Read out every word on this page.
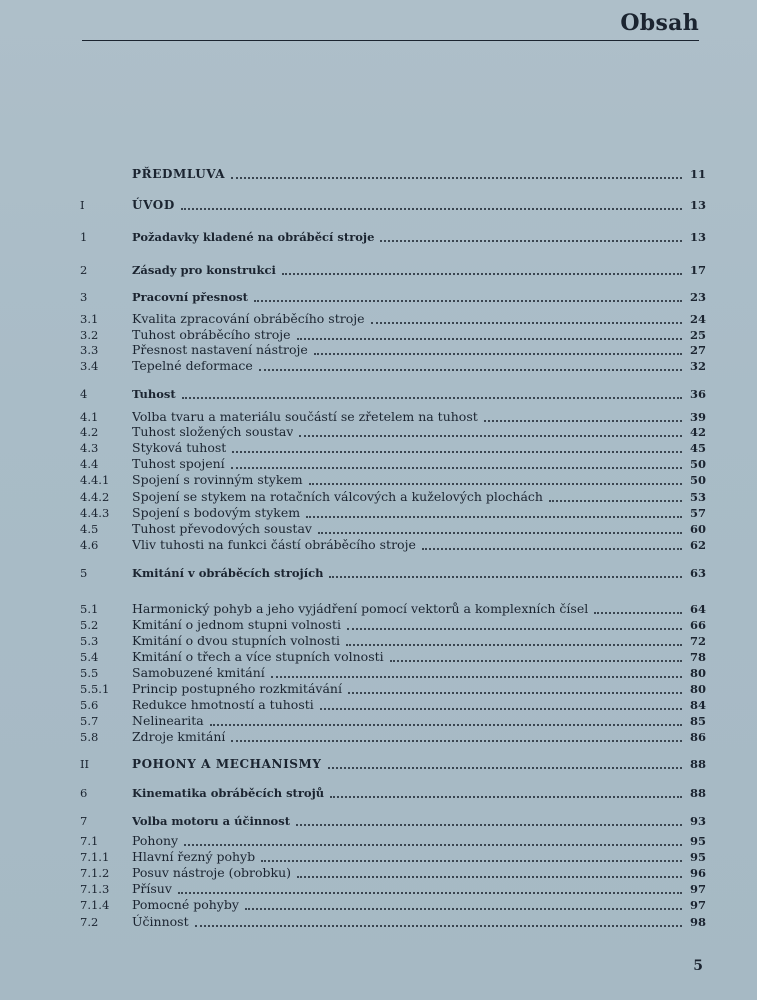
Obsah
PŘEDMLUVA	11
I	ÚVOD	13
1	Požadavky kladené na obráběcí stroje	13
2	Zásady pro konstrukci	17
3	Pracovní přesnost	23
3.1	Kvalita zpracování obráběcího stroje	24
3.2	Tuhost obráběcího stroje	25
3.3	Přesnost nastavení nástroje	27
3.4	Tepelné deformace	32
4	Tuhost	36
4.1	Volba tvaru a materiálu součástí se zřetelem na tuhost	39
4.2	Tuhost složených soustav	42
4.3	Styková tuhost	45
4.4	Tuhost spojení	50
4.4.1	Spojení s rovinným stykem	50
4.4.2	Spojení se stykem na rotačních válcových a kuželových plochách	53
4.4.3	Spojení s bodovým stykem	57
4.5	Tuhost převodových soustav	60
4.6	Vliv tuhosti na funkci částí obráběcího stroje	62
5	Kmitání v obráběcích strojích	63
5.1	Harmonický pohyb a jeho vyjádření pomocí vektorů a komplexních čísel	64
5.2	Kmitání o jednom stupni volnosti	66
5.3	Kmitání o dvou stupních volnosti	72
5.4	Kmitání o třech a více stupních volnosti	78
5.5	Samobuzené kmitání	80
5.5.1	Princip postupného rozkmitávání	80
5.6	Redukce hmotností a tuhosti	84
5.7	Nelinearita	85
5.8	Zdroje kmitání	86
II	POHONY A MECHANISMY	88
6	Kinematika obráběcích strojů	88
7	Volba motoru a účinnost	93
7.1	Pohony	95
7.1.1	Hlavní řezný pohyb	95
7.1.2	Posuv nástroje (obrobku)	96
7.1.3	Přísuv	97
7.1.4	Pomocné pohyby	97
7.2	Účinnost	98
5
